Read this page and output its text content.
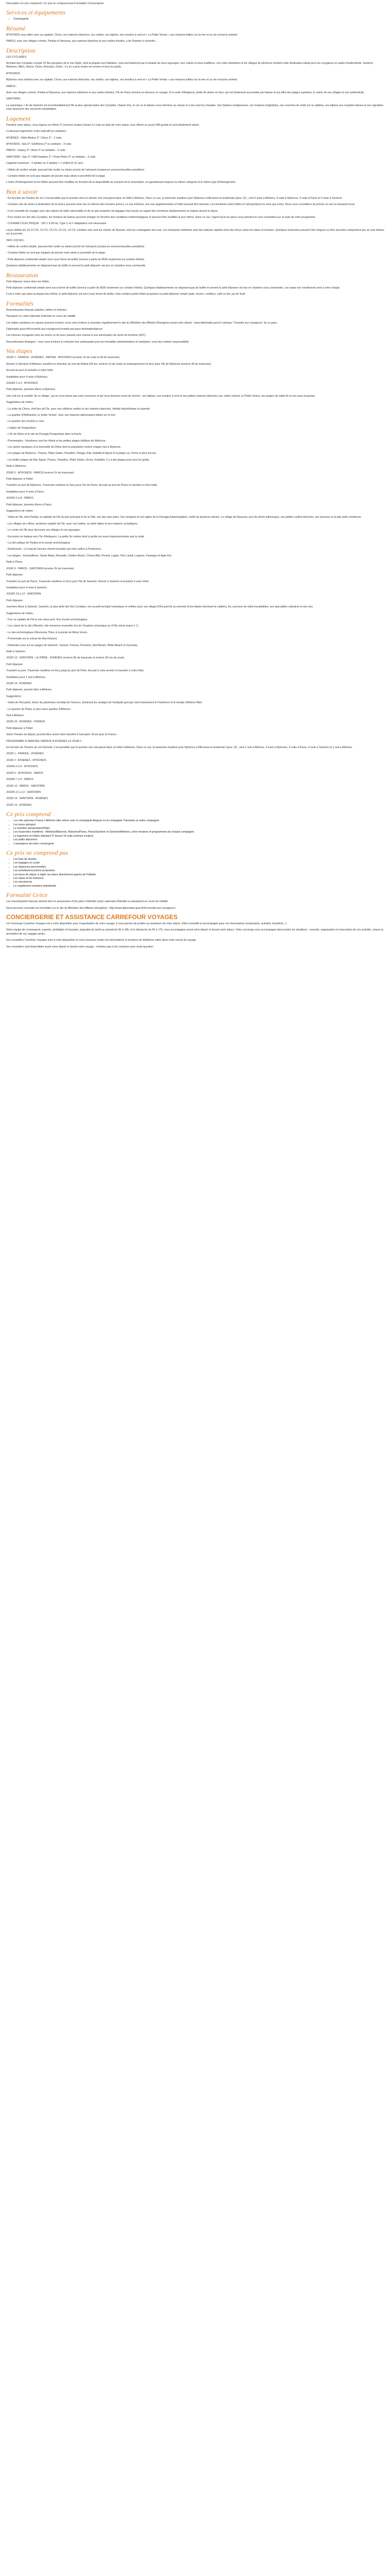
Description Ce prix comprend / Ce prix ne comprend pas Formalités Concierrgerie
Services et équipements
• Conciergerie
Résumé

MYKONOS vous attire avec sa capitale, Chora, ses maisons blanches, ses ruelles, ses églises, ses moulins à vent et « La Petite Venise » aux maisons bâties sur la mer et sa vie nocturne animée.

PAROS, avec ses villages colorés, Parikia et Naoussa, aux maisons blanches et aux ruelles étroites, a de l'histoire à revendre…

Description

LES CYCLADES

Archipel des Cyclades compte 16 îles groupées de la mer Égée, dont la plupart sont habitées, vous enchanteront par la beauté de leurs paysages, leur culture et leurs traditions. Les côtes dentelées et les villages de pêcheurs rendent cette destination idéale pour les voyageurs en quête d'authenticité. Santorin, Mykonos, Milos, Naxos, Paros, Amorgos, Delos : il y en a pour toutes les envies et tous les goûts.

MYKONOS :

Mykonos vous séduira avec sa capitale, Chora, ses maisons blanches, ses ruelles, ses églises, ses moulins à vent et « La Petite Venise » aux maisons bâties sur la mer et sa vie nocturne animée.

PAROS :

Avec ses villages colorés, Parikia et Naoussa, aux maisons blanches et aux ruelles étroites, l'île de Paros termine en douceur ce voyage. À la visite d'Antiparos, petite île située en face, qui est facilement accessible par bateau et qui offre des plages superbes, le calme de ses villages et son authenticité.

SANTORIN :

La volcanique « Île de Santorin est incontestablement l'île la plus spectaculaire des Cyclades. Depuis Fira, le car ou le bateau vous emmène au volcan et à ses sources chaudes. Ses falaises vertigineuses, ses maisons troglodytes, ses couchers de soleil sur la caldeira, ses églises aux coupoles bleues et ses vignobles vous laisseront des souvenirs inoubliables.

Logement

Pendant votre séjour, vous logerez en hôtels 3* (normes locales) durant 11 nuits au total de votre séjour, tous offrent un accès Wifi gratuit et sont idéalement situés.

Ci-dessous logements à titre indicatif (ou similaire) :

ATHÈNES : Hôtel Attalos 3* / Zinon 3* - 2 nuits

MYKONOS : Elia 3* / Eleftheria 3* ou similaire - 3 nuits

PAROS : Galaxy 3* / Arian 3* ou similaire - 3 nuits

SANTORIN : Star 3* / Mill Paradise 3* / Porta Pietro 3* ou similaire - 3 nuits

Capacité maximum : 3 adultes ou 2 adultes + 1 enfant (0-11 ans)

- Hôtels de confort simple, pouvant être isolés ou situés proche de l'aéroport (nuisances sonores/visuelles possibles).

- Certains hôtels ne sont pas équipés de piscine mais situés à proximité de la plage.

L'ordre d'hébergement et les hôtels peuvent être modifiés en fonction de la disponibilité au moment de la réservation, en garantissant toujours la même catégorie et le même type d'hébergement.

Bon à savoir

- En fonction de l'horaire de vol, il est possible que le premier et/ou le dernier soir soit passé dans un hôtel à Athènes. Dans ce cas, la traversée maritime pour Mykonos s'effectuera le lendemain (pour J2) ; sont 5 nuits à Athènes, 4 nuits à Mykonos, 4 nuits à Paros et 4 nuits à Santorin.

- Certains vols de retour à destination de la Grèce peuvent avoir lieu en dehors des horaires prévus. Le cas échéant, une nuit supplémentaire à l'hôtel pourrait être facturée. Les transferts entre hôtels et l'aéroport/port ne sont pas inclus. Nous vous conseillons de prévoir un taxi ou transport local.

- Il est conseillé de voyager avec des valises de taille raisonnable et de ne pas emporter de bagages trop lourds au regard des nombreux déplacements en bateau durant le séjour.

- Pour toutes les îles des Cyclades, les horaires de bateau peuvent changer en fonction des conditions météorologiques et peuvent être modifiés le jour même. Dans ce cas, l'agent local sur place vous prévient et vous conseillera sur la suite de votre programme.

- COURANT ÉLECTRIQUE : 230 V à 50 Hz. Type C et F. Adaptateur non nécessaire.

Leçon Hôtels les 1S CS 2S, 1S CS, 1S CS, 1S CS, 1S CS. Certains vols sont les charter de Ryanair, sont les compagnies low-cost. Les transports maritimes sont des bateaux rapides et/ou des ferrys selon les dates et horaires. Quelques traversées peuvent être longues ou être assurées uniquement par un seul bateau sur la journée.

INFO VISITES :

- Hôtels de confort simple, pouvant être isolés ou situés proche de l'aéroport (nuisances sonores/visuelles possibles).

- Certains hôtels ne sont pas équipés de piscine mais situés à proximité de la plage.

- Petit déjeuner continental simple servi sous forme de buffet (service à partir de 8h30 seulement sur certains hôtels).

Quelques établissements ne disposent pas de buffet et servent le petit déjeuner via leur en chambre sous commande.

Restauration

Petit déjeuner inclus dans les hôtels.

Petit déjeuner continental simple servi sous forme de buffet (service à partir de 8h30 seulement sur certains hôtels). Quelques établissements ne disposent pas de buffet et servent le petit déjeuner via leur en chambre sous commande. Les repas non mentionnés sont à votre charge.

Il est à noter que dans la plupart des hôtels, le petit déjeuner est servi sous forme de buffet, mais certains petits hôtels proposent un petit-déjeuner simple (pain, beurre, confiture, café ou thé, jus de fruit).

Formalités

Ressortissants français (adultes, bébés et enfants) :

Passeport ou carte nationale d'identité en cours de validité.

Les règles sanitaires en vigueur pouvant évoluer, nous vous invitons à consulter régulièrement le site du Ministère des Affaires Étrangères avant votre départ : www.diplomatie.gouv.fr rubrique "Conseils aux voyageurs" de ce pays.

Diplomatie.gouv.fr/fr/conseils-aux-voyageurs/conseils-par-pays-destination/grece/

Les mineurs voyageant sans au moins un de leurs parents sont soumis à une autorisation de sortie de territoire (AST).

Ressortissants étrangers : nous vous invitons à contacter leur ambassade pour les formalités administratives et sanitaires, sous leur entière responsabilité.

Vos étapes

JOUR 1 : FRANCE - ATHÈNES - RAFINA - MYKONOS (environ 1h de route et 4h de traversée)

Arrivée à l'aéroport d'Athènes, transfert en direction du port de Rafina (45 km, environ 1h de route) et embarquement en ferry pour l'île de Mykonos (environ 4h de traversée).

Accueil au port et transfert à votre hôtel.

Installation pour 4 nuits à Mykonos.

JOURS 2 à 4 : MYKONOS

Petit déjeuner, journées libres à Mykonos.

Une nuit sur le modèle 'de ce village', qui ne vous laisse pas sans souvenirs et qui vous donnera envie de revenir ; ses églises, ses moulins à vent et ses petites maisons blanches aux volets colorés, la Petite Venise, ses plages de sable fin et ses eaux turquoise.

Suggestions de visites :

- La visite de Chora, chef-lieu de l'île, avec ses célèbres ruelles et ses maisons blanches, dédale labyrinthique et superbe.

- La quartier d'Alefkandra, la 'petite Venise', avec ses maisons pittoresques bâties sur la mer.

- Le quartier des moulins à vent.

- L'église de Paraportiani.

- L'île de Délos et le site du Panagia Paraportiani dans la Korés.

- Promenades : Nombreux sont les hôtels et les petites plages idyllique de Mykonos.

- Les sports nautiques et la bronzette de Délos dont la population revient chaque nuit à Mykonos.

- Les plages de Mykonos : Psarou, Platis Gialos, Paradise, Paraga, Elia, Kalafati et Agrari et la plage Lia, Ornos et plus encore.

- Les belles plages de Elia, Agrari, Psarou, Paradise, Platis Gialos, Ornos, Kalafatis. Il y a des plages pour tous les goûts.

Nuits à Mykonos.

JOUR 5 : MYKONOS - PAROS (environ 1h de traversée)

Petit déjeuner à l'hôtel.

Transfert au port de Mykonos. Traversée maritime en ferry pour l'île de Paros. Accueil au port de Paros et transfert à votre hôtel.

Installation pour 4 nuits à Paros.

JOURS 6 à 8 : PAROS

Petit déjeuner, journées libres à Paros.

Suggestions de visites :

- Visite de l'île, dont Parikia, la capitale de l'île au port principal et de la Ville, une des plus jolies. Ses remparts et son église de la Panagia Ekatontapiliani, vieille de plusieurs siècles. Le village de Naoussa, port de pêche pittoresque, ses petites ruelles blanches, ses tavernes et la jolie jetée vénitienne.

- Les villages de Lefkes, ancienne capitale de l'île, avec ses ruelles, sa belle église et ses maisons cycladiques.

- Le centre de l'île pour découvrir ses villages et ses paysages.

- Excursion en bateau vers l'île d'Antiparos. La petite île voisine dont la grotte est aussi impressionnante que la visite.

- La cité antique de Parikia et le musée archéologique.

- Randonnée : Le long de l'ancien chemin byzantin qui relie Lefkes à Prodromos.

- Les plages : Kolymbithres, Santa Maria, Monastiri, Golden Beach, Chrissi Akti, Pounta, Lageri, Piso Livadi, Logaras, Farangas et Agia Irini.

Nuits à Paros.

JOUR 9 : PAROS - SANTORIN (environ 3h de traversée)

Petit déjeuner.

Transfert au port de Paros. Traversée maritime en ferry pour l'île de Santorin. Arrivée à Santorin et transfert à votre hôtel.

Installation pour 4 nuits à Santorin.

JOURS 10 à 12 : SANTORIN

Petit déjeuner.

Journées libres à Santorin. Santorin, la plus belle des îles Cyclades, est un petit archipel volcanique et célèbre pour son village d'Oia perché au sommet d'une falaise dominant la caldeira, les couchers de soleil inoubliables, ses spécialités culinaires et ses vins.

Suggestions de visites :

- Fira, la capitale de l'île et son vieux port. Son musée archéologique.

- Les ruines de la cité d'Akrotiri, cité minoenne ensevelie lors de l'éruption volcanique au XVIIe siècle avant J.-C.

- Le site archéologique d'Ancienne Thira, à la pointe de Mésa Vouno.

- Promenade sur le volcan de Nea Kameni.

- Détendez-vous sur les plages de Santorin : Kamari, Perissa, Perivolos, Red Beach, White Beach et Vlychada.

Nuits à Santorin.

JOUR 13 : SANTORIN - LE PIRÉE - ATHÈNES (environ 8h de traversée et environ 30 mn de route)

Petit déjeuner.

Transfert au port. Traversée maritime en ferry jusqu'au port du Pirée. Accueil à votre arrivée et transfert à votre hôtel.

Installation pour 1 nuit à Athènes.

JOUR 14 : ATHÈNES

Petit déjeuner, journée libre à Athènes.

Suggestions :

- Visite de l'Acropole, trésor du patrimoine mondial de l'Unesco, dominant les vestiges de l'antiquité grecque dont notamment le Parthénon et le temple d'Athéna Niké.

- Le quartier de Plaka, le plus vieux quartier d'Athènes.

Nuit à Athènes.

JOUR 15 : ATHÈNES - FRANCE

Petit déjeuner à l'hôtel.

Selon l'horaire de départ, journée libre avant votre transfert à l'aéroport. Envol pour la France.

PROGRAMME SI ARRIVÉE TARDIVE À ATHÈNES LE JOUR 1 :

En fonction de l'horaire de vol d'arrivée, il est possible que le premier soir soit passé dans un hôtel à Athènes. Dans ce cas, la traversée maritime pour Mykonos s'effectuera le lendemain (pour J2) ; sont 1 nuit à Athènes, 4 nuits à Mykonos, 4 nuits à Paros, 4 nuits à Santorin et 1 nuit à Athènes.

JOUR 1 : FRANCE - ATHÈNES

JOUR 2 : ATHÈNES - MYKONOS

JOURS 3 à 5 : MYKONOS

JOUR 6 : MYKONOS - PAROS

JOURS 7 à 9 : PAROS

JOUR 10 : PAROS - SANTORIN

JOURS 11 à 13 : SANTORIN

JOUR 14 : SANTORIN - ATHÈNES

JOUR 15 : ATHÈNES

Ce prix comprend
• Les vols spéciaux France / Athènes aller-retour avec la compagnie Aegean ou la compagnie Transavia ou autre compagnie
• Les taxes aéroport
• Le transfert aéroport/port/hôtel
• Les traversées maritimes : Athènes/Mykonos, Mykonos/Paros, Paros/Santorin et Santorin/Athènes, selon horaires et programmes de chaque compagnie
• Le logement en hôtels standard 3* durant 14 nuits (normes locales)
• Les petits déjeuners
• L'assistance de notre conciergerie
Ce prix ne comprend pas
• Les frais de dossier
• Les bagages en soute
• Les dépenses personnelles
• Les activités/excursions proposées
• Les taxes de séjour à régler sur place directement auprès de l'hôtelier
• Les repas et les boissons
• Les assurances
• Le supplément chambre individuelle
Formalité Grèce

Les ressortissants français doivent être en possession d'une pièce d'identité (carte nationale d'identité ou passeport) en cours de validité.

Nous pouvons consulter les formalités sur le site du Ministère des Affaires étrangères : http://www.diplomatie.gouv.fr/fr/conseils-aux-voyageurs/

CONCIERGERIE ET ASSISTANCE CARREFOUR VOYAGES

Un Concierge Carrefour Voyages est à votre disposition pour l'organisation de votre voyage. Il vous permet de profiter au maximum de votre séjour, d'être conseillé et accompagné pour vos réservations (restaurants, activités, transferts...).

Notre équipe de conciergerie, experte, privilégiée et humaine, joignable du lundi au samedi de 9h à 18h, et le dimanche de 9h à 17h, vous accompagne avant votre départ et durant votre séjour. Votre concierge vous accompagne dans toutes les situations : conseils, organisation et réservation de vos activités, retard ou annulation de vol, bagage perdu...

Vos conseillers Carrefour Voyages sont à votre disposition et vous trouverez toutes les informations et numéros de téléphone utiles dans votre carnet de voyage.

Vos conseillers sont disponibles avant votre départ et durant votre voyage ; n'hésitez pas à les contacter pour toute question.
